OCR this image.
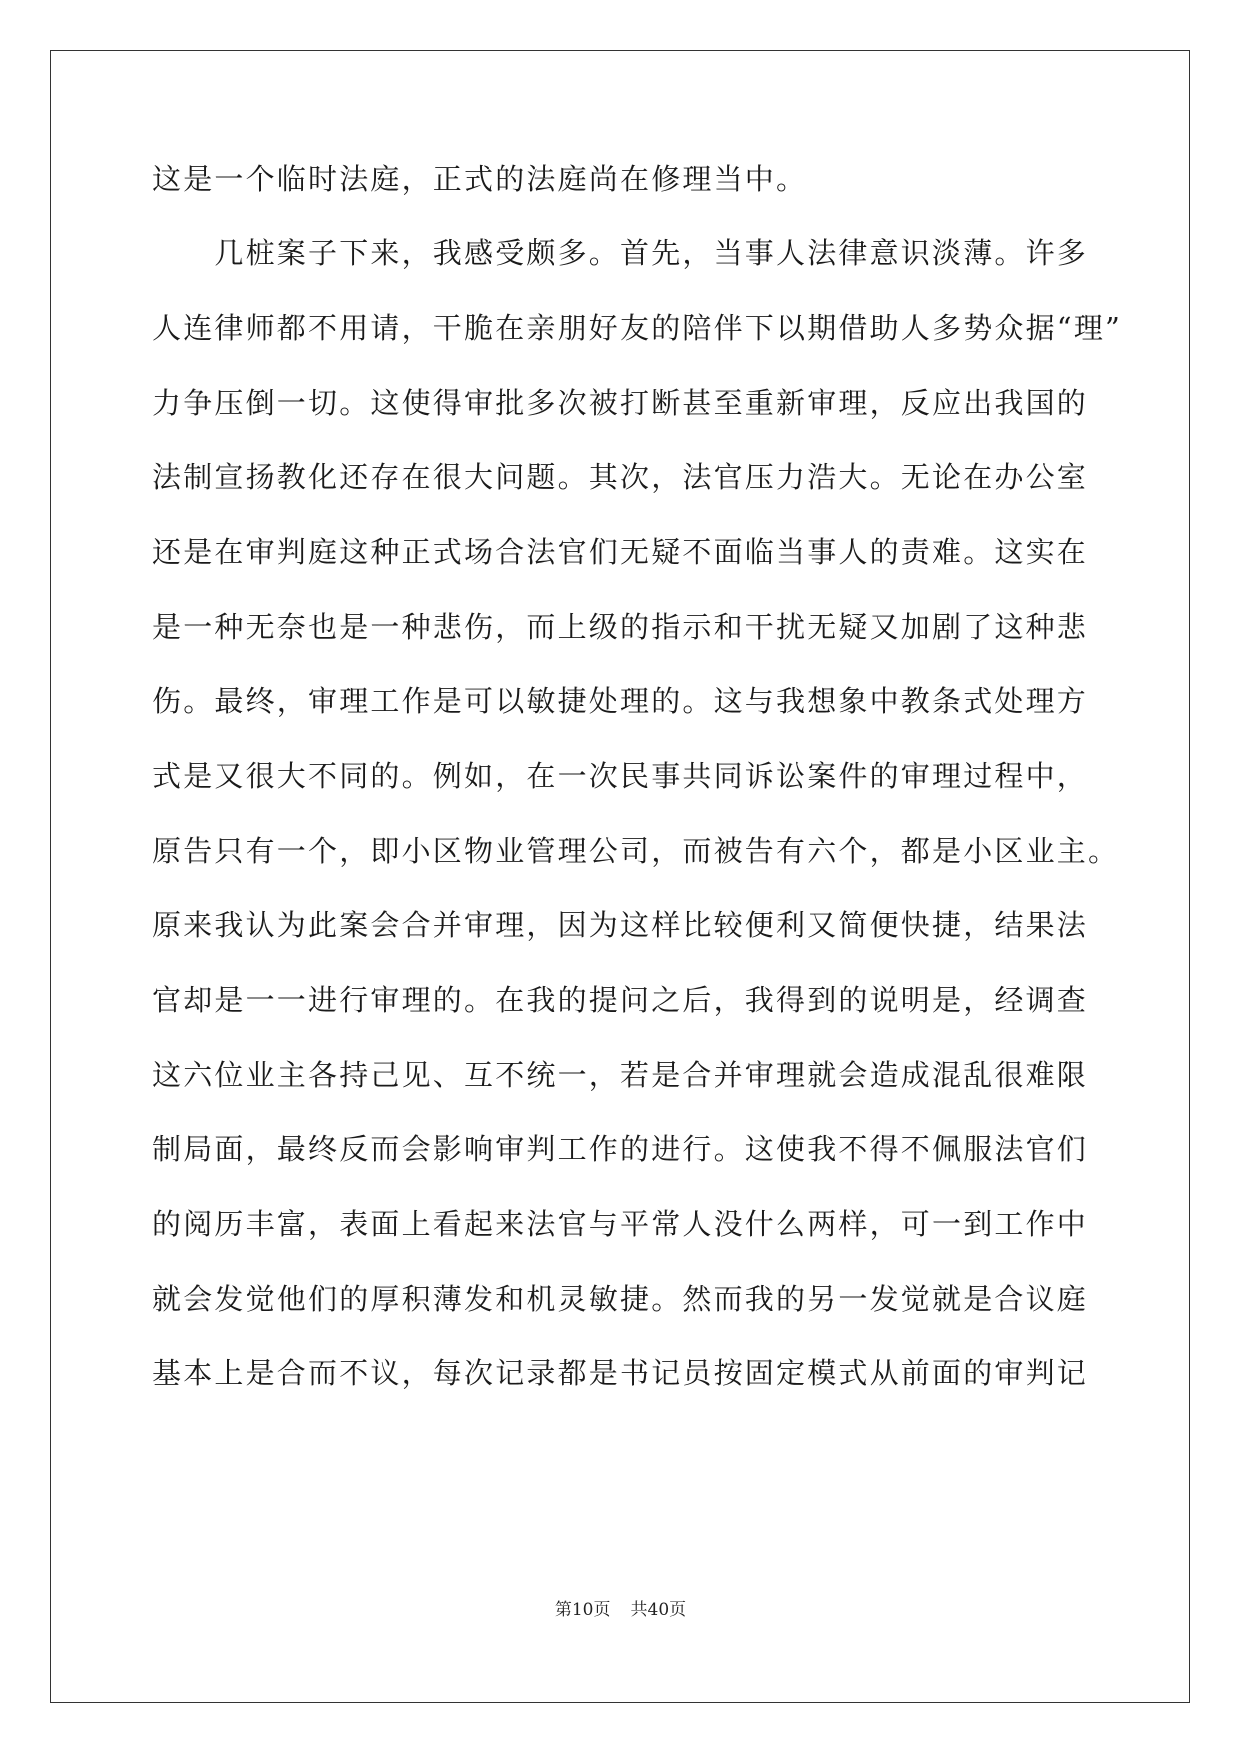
这是一个临时法庭，正式的法庭尚在修理当中。
　　几桩案子下来，我感受颇多。首先，当事人法律意识淡薄。许多
人连律师都不用请，干脆在亲朋好友的陪伴下以期借助人多势众据“理”
力争压倒一切。这使得审批多次被打断甚至重新审理，反应出我国的
法制宣扬教化还存在很大问题。其次，法官压力浩大。无论在办公室
还是在审判庭这种正式场合法官们无疑不面临当事人的责难。这实在
是一种无奈也是一种悲伤，而上级的指示和干扰无疑又加剧了这种悲
伤。最终，审理工作是可以敏捷处理的。这与我想象中教条式处理方
式是又很大不同的。例如，在一次民事共同诉讼案件的审理过程中，
原告只有一个，即小区物业管理公司，而被告有六个，都是小区业主。
原来我认为此案会合并审理，因为这样比较便利又简便快捷，结果法
官却是一一进行审理的。在我的提问之后，我得到的说明是，经调查
这六位业主各持己见、互不统一，若是合并审理就会造成混乱很难限
制局面，最终反而会影响审判工作的进行。这使我不得不佩服法官们
的阅历丰富，表面上看起来法官与平常人没什么两样，可一到工作中
就会发觉他们的厚积薄发和机灵敏捷。然而我的另一发觉就是合议庭
基本上是合而不议，每次记录都是书记员按固定模式从前面的审判记
第10页 共40页
